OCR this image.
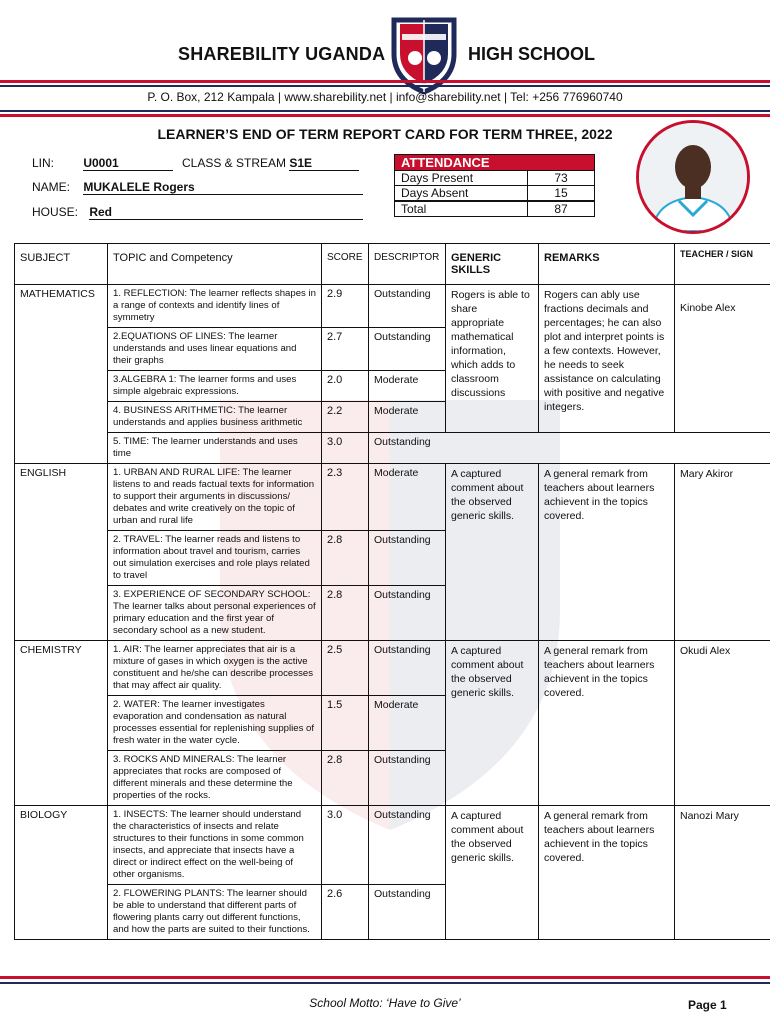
SHAREBILITY UGANDA	HIGH SCHOOL
P. O. Box, 212 Kampala | www.sharebility.net | info@sharebility.net | Tel: +256 776960740
LEARNER’S END OF TERM REPORT CARD FOR TERM THREE, 2022
LIN: U0001	CLASS & STREAM S1E
NAME: MUKALELE Rogers
HOUSE: Red
ATTENDANCE	
Days Present	73
Days Absent	15
Total	87
SUBJECT	TOPIC and Competency	SCORE	DESCRIPTOR	GENERIC SKILLS	REMARKS	TEACHER / SIGN
MATHEMATICS	1. REFLECTION: The learner reflects shapes in a range of contexts and identify lines of symmetry	2.9	Outstanding	Rogers is able to share appropriate mathematical information, which adds to classroom discussions	Rogers can ably use fractions decimals and percentages; he can also plot and interpret points is a few contexts. However, he needs to seek assistance on calculating with positive and negative integers.	Kinobe Alex
	2.EQUATIONS OF LINES: The learner understands and uses linear equations and their graphs	2.7	Outstanding			
	3.ALGEBRA 1: The learner forms and uses simple algebraic expressions.	2.0	Moderate			
	4. BUSINESS ARITHMETIC: The learner understands and applies business arithmetic	2.2	Moderate			
	5. TIME: The learner understands and uses time	3.0	Outstanding			
ENGLISH	1. URBAN AND RURAL LIFE: The learner listens to and reads factual texts for information to support their arguments in discussions/ debates and write creatively on the topic of urban and rural life	2.3	Moderate	A captured comment about the observed generic skills.	A general remark from teachers about learners achievent in the topics covered.	Mary Akiror
	2. TRAVEL: The learner reads and listens to information about travel and tourism, carries out simulation exercises and role plays related to travel	2.8	Outstanding			
	3. EXPERIENCE OF SECONDARY SCHOOL: The learner talks about personal experiences of primary education and the first year of secondary school as a new student.	2.8	Outstanding			
CHEMISTRY	1. AIR: The learner appreciates that air is a mixture of gases in which oxygen is the active constituent and he/she can describe processes that may affect air quality.	2.5	Outstanding	A captured comment about the observed generic skills.	A general remark from teachers about learners achievent in the topics covered.	Okudi Alex
	2. WATER: The learner investigates evaporation and condensation as natural processes essential for replenishing supplies of fresh water in the water cycle.	1.5	Moderate			
	3. ROCKS AND MINERALS: The learner appreciates that rocks are composed of different minerals and these determine the properties of the rocks.	2.8	Outstanding			
BIOLOGY	1. INSECTS: The learner should understand the characteristics of insects and relate structures to their functions in some common insects, and appreciate that insects have a direct or indirect effect on the well-being of other organisms.	3.0	Outstanding	A captured comment about the observed generic skills.	A general remark from teachers about learners achievent in the topics covered.	Nanozi Mary
	2. FLOWERING PLANTS: The learner should be able to understand that different parts of flowering plants carry out different functions, and how the parts are suited to their functions.	2.6	Outstanding			
School Motto: ‘Have to Give’	Page 1
